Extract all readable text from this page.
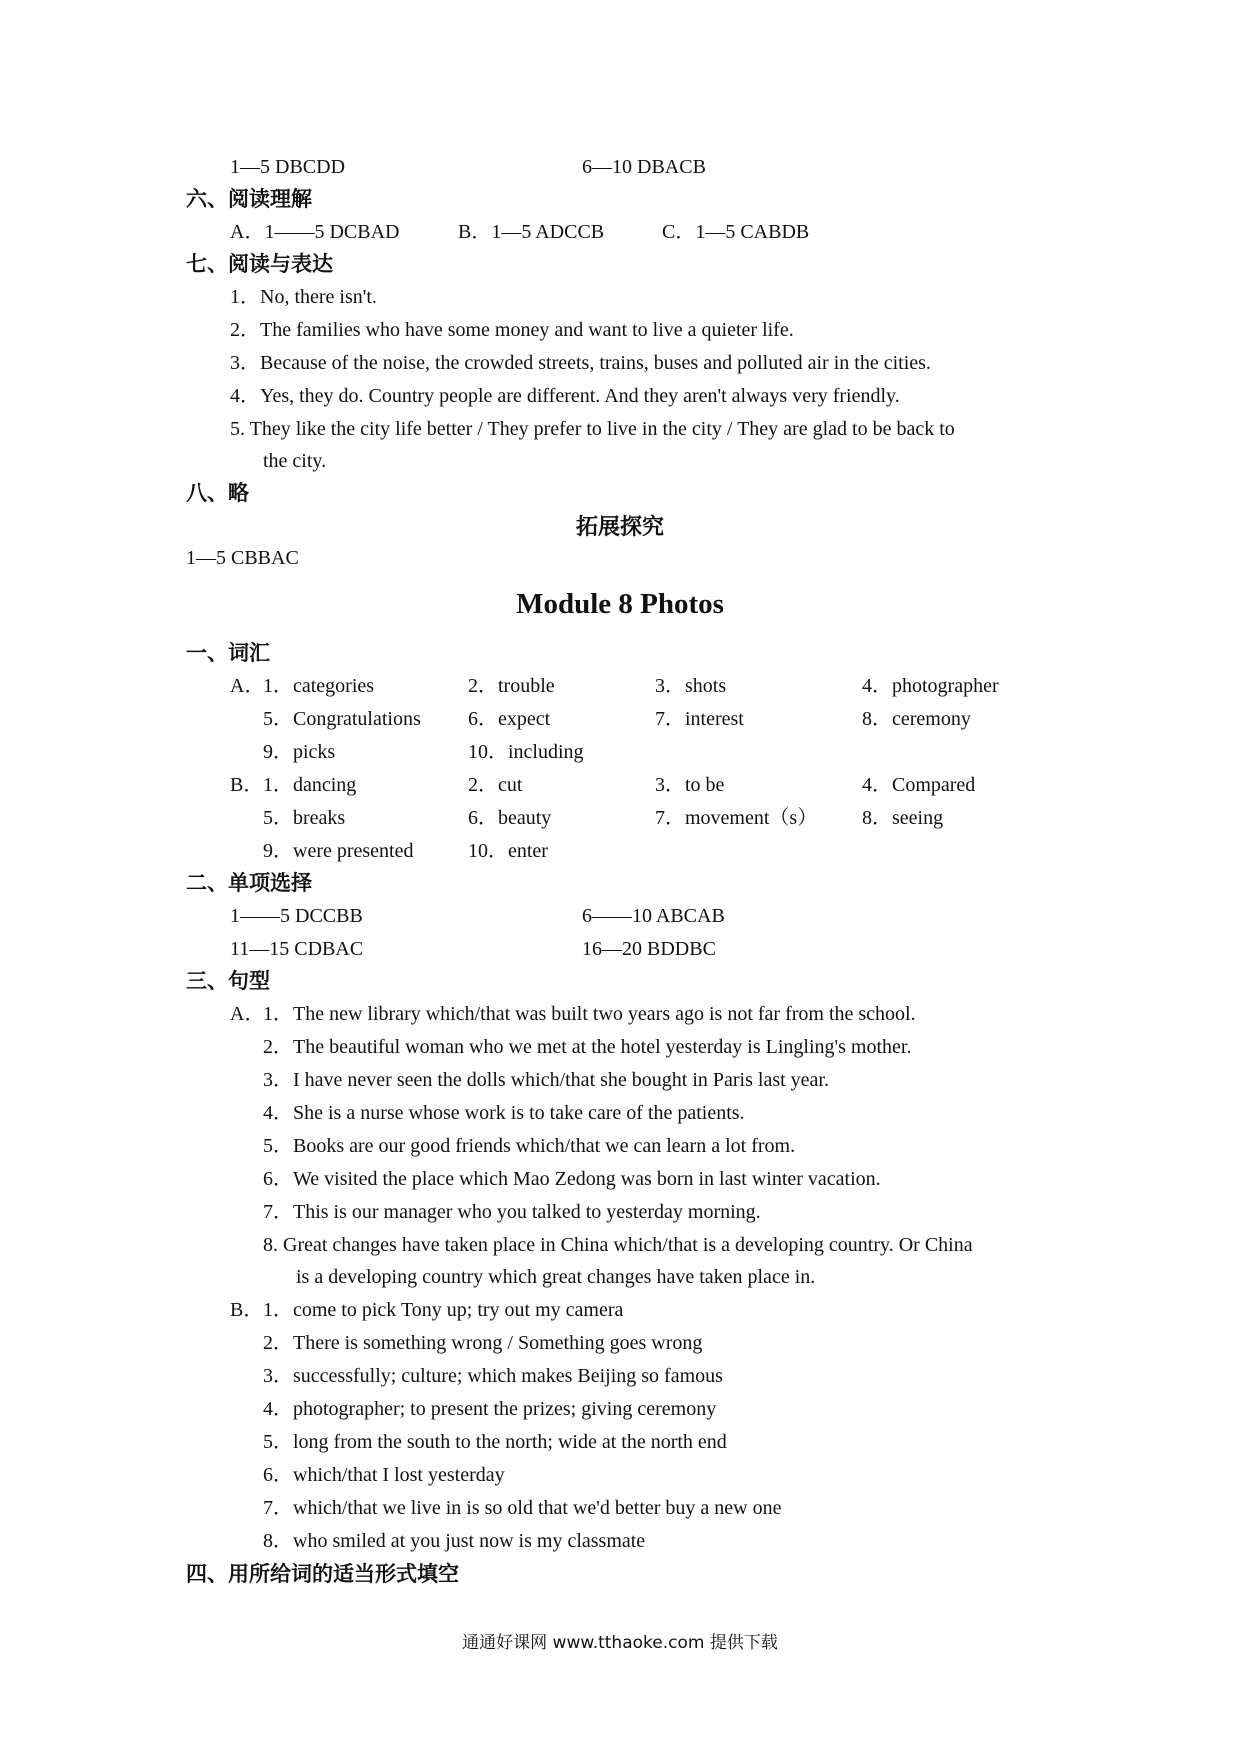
1—5 DBCDD	6—10 DBACB
六、阅读理解
A．1——5 DCBAD	B．1—5 ADCCB	C．1—5 CABDB
七、阅读与表达
1．No, there isn't.
2．The families who have some money and want to live a quieter life.
3．Because of the noise, the crowded streets, trains, buses and polluted air in the cities.
4．Yes, they do. Country people are different. And they aren't always very friendly.
5. They like the city life better / They prefer to live in the city / They are glad to be back to
the city.
八、略
拓展探究
1—5 CBBAC
Module 8 Photos
一、词汇
A．
1．categories	2．trouble	3．shots	4．photographer
5．Congratulations 6．expect	7．interest	8．ceremony
9．picks	10．including
B． 1．dancing	2．cut	3．to be	4．Compared
5．breaks	6．beauty	7．movement（s） 8．seeing
9．were presented	10．enter
二、单项选择
1——5 DCCBB	6——10 ABCAB
11—15 CDBAC	16—20 BDDBC
三、句型
A．
1．The new library which/that was built two years ago is not far from the school.
2．The beautiful woman who we met at the hotel yesterday is Lingling's mother.
3．I have never seen the dolls which/that she bought in Paris last year.
4．She is a nurse whose work is to take care of the patients.
5．Books are our good friends which/that we can learn a lot from.
6．We visited the place which Mao Zedong was born in last winter vacation.
7．This is our manager who you talked to yesterday morning.
8. Great changes have taken place in China which/that is a developing country. Or China
is a developing country which great changes have taken place in.
B． 1．come to pick Tony up; try out my camera
2．There is something wrong / Something goes wrong
3．successfully; culture; which makes Beijing so famous
4．photographer; to present the prizes; giving ceremony
5．long from the south to the north; wide at the north end
6．which/that I lost yesterday
7．which/that we live in is so old that we'd better buy a new one
8．who smiled at you just now is my classmate
四、用所给词的适当形式填空
通通好课网 www.tthaoke.com 提供下载
